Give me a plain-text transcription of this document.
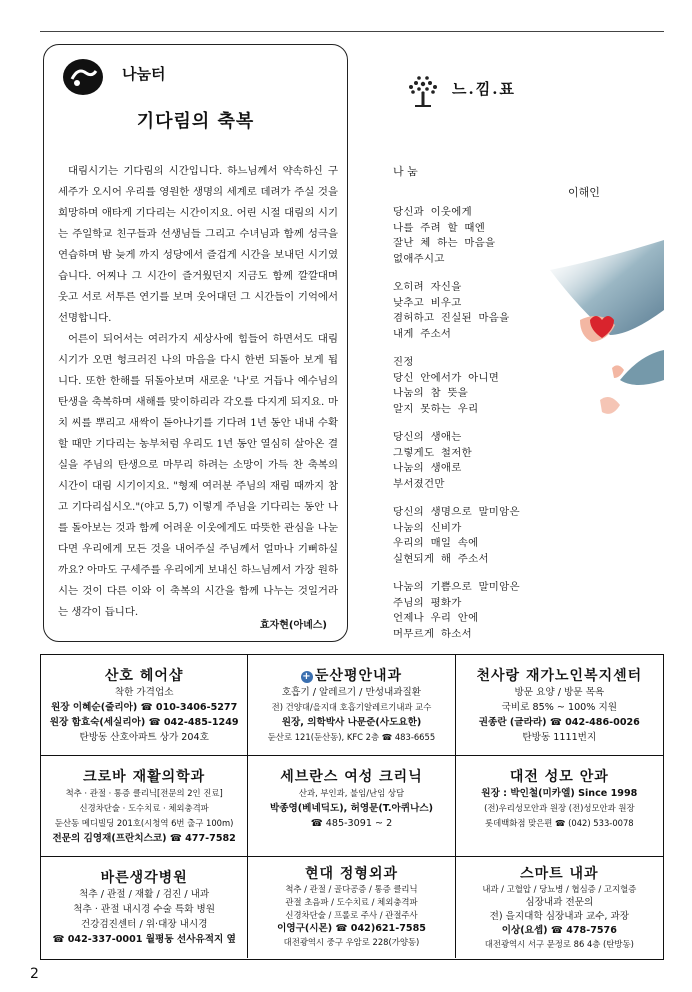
나눔터
기다림의 축복

대림시기는 기다림의 시간입니다. 하느님께서 약속하신 구세주가 오시어 우리를 영원한 생명의 세계로 데려가 주실 것을 희망하며 애타게 기다리는 시간이지요. 어린 시절 대림의 시기는 주일학교 친구들과 선생님들 그리고 수녀님과 함께 성극을 연습하며 밤 늦게 까지 성당에서 즐겁게 시간을 보내던 시기였습니다. 어찌나 그 시간이 즐거웠던지 지금도 함께 깔깔대며 웃고 서로 서투른 연기를 보며 웃어대던 그 시간들이 기억에서 선명합니다.

어른이 되어서는 여러가지 세상사에 힘들어 하면서도 대림시기가 오면 헝크러진 나의 마음을 다시 한번 되돌아 보게 됩니다. 또한 한해를 뒤돌아보며 새로운 '나'로 거듭나 예수님의 탄생을 축복하며 새해를 맞이하리라 각오를 다지게 되지요. 마치 씨를 뿌리고 새싹이 돋아나기를 기다려 1년 동안 내내 수확할 때만 기다리는 농부처럼 우리도 1년 동안 열심히 살아온 결실을 주님의 탄생으로 마무리 하려는 소망이 가득 찬 축복의 시간이 대림 시기이지요. "형제 여러분 주님의 재림 때까지 참고 기다리십시오."(야고 5,7) 이렇게 주님을 기다리는 동안 나를 돌아보는 것과 함께 어려운 이웃에게도 따뜻한 관심을 나눈다면 우리에게 모든 것을 내어주실 주님께서 얼마나 기뻐하실까요? 아마도 구세주를 우리에게 보내신 하느님께서 가장 원하시는 것이 다른 이와 이 축복의 시간을 함께 나누는 것일거라는 생각이 듭니다.

효자현(아녜스)
느.낌.표
나 눔
이해인
당신과 이웃에게
나를 주려 할 때엔
잘난 체 하는 마음을
없애주시고
오히려 자신을
낮추고 비우고
겸허하고 진실된 마음을
내게 주소서
진정
당신 안에서가 아니면
나눔의 참 뜻을
알지 못하는 우리
당신의 생애는
그렇게도 철저한
나눔의 생애로
부서졌건만
당신의 생명으로 말미암은
나눔의 신비가
우리의 매일 속에
실현되게 해 주소서
나눔의 기쁨으로 말미암은
주님의 평화가
언제나 우리 안에
머무르게 하소서
산호 헤어샵
착한 가격업소
원장 이혜순(줄리아) ☎ 010-3406-5277
원장 함효숙(세실리아) ☎ 042-485-1249
탄방동 산호아파트 상가 204호
+ 둔산평안내과
호흡기 / 알레르기 / 만성내과질환
전) 건양대/을지대 호흡기알레르기내과 교수
원장, 의학박사 나문준(사도요한)
둔산로 121(둔산동), KFC 2층 ☎ 483-6655
천사랑 재가노인복지센터
방문 요양 / 방문 목욕
국비로 85% ~ 100% 지원
권종란 (글라라) ☎ 042-486-0026
탄방동 1111번지
크로바 재활의학과
척추 · 관절 · 통증 클리닉[전문의 2인 진료]
신경차단술 · 도수치료 · 체외충격파
둔산동 메디빌딩 201호(시청역 6번 출구 100m)
전문의 김영재(프란치스코) ☎ 477-7582
세브란스 여성 크리닉
산과, 부인과, 불임/난임 상담
박종영(베네딕도), 허영문(T.아퀴나스)
☎ 485-3091 ~ 2
대전 성모 안과
원장 : 박인철(미카엘) Since 1998
(전)우리성모안과 원장 (전)성모안과 원장
롯데백화점 맞은편 ☎ (042) 533-0078
바른생각병원
척추 / 관절 / 재활 / 검진 / 내과
척추 · 관절 내시경 수술 특화 병원
건강검진센터 / 위·대장 내시경
☎ 042-337-0001 월평동 선사유적지 옆
현대 정형외과
척추 / 관절 / 골다공증 / 통증 클리닉
관절 초음파 / 도수치료 / 체외충격파
신경차단술 / 프롤로 주사 / 관절주사
이영구(시몬) ☎ 042)621-7585
대전광역시 중구 우암로 228(가양동)
스마트 내과
내과 / 고혈압 / 당뇨병 / 협심증 / 고지혈증
심장내과 전문의
전) 을지대학 심장내과 교수, 과장
이상(요셉) ☎ 478-7576
대전광역시 서구 문정로 86 4층 (탄방동)
2
